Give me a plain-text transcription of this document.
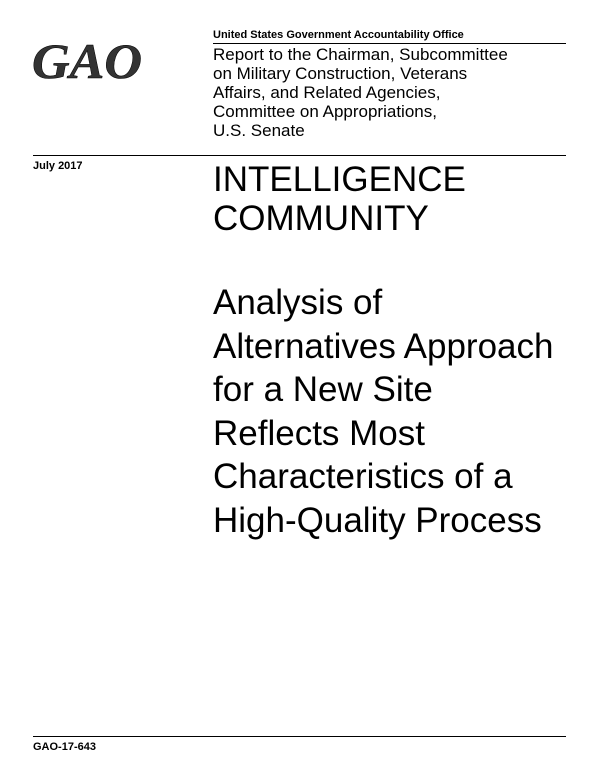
United States Government Accountability Office
GAO	Report to the Chairman, Subcommittee
on Military Construction, Veterans
Affairs, and Related Agencies,
Committee on Appropriations,
U.S. Senate
July 2017	INTELLIGENCE
COMMUNITY
Analysis of
Alternatives Approach
for a New Site
Reflects Most
Characteristics of a
High-Quality Process
GAO-17-643
